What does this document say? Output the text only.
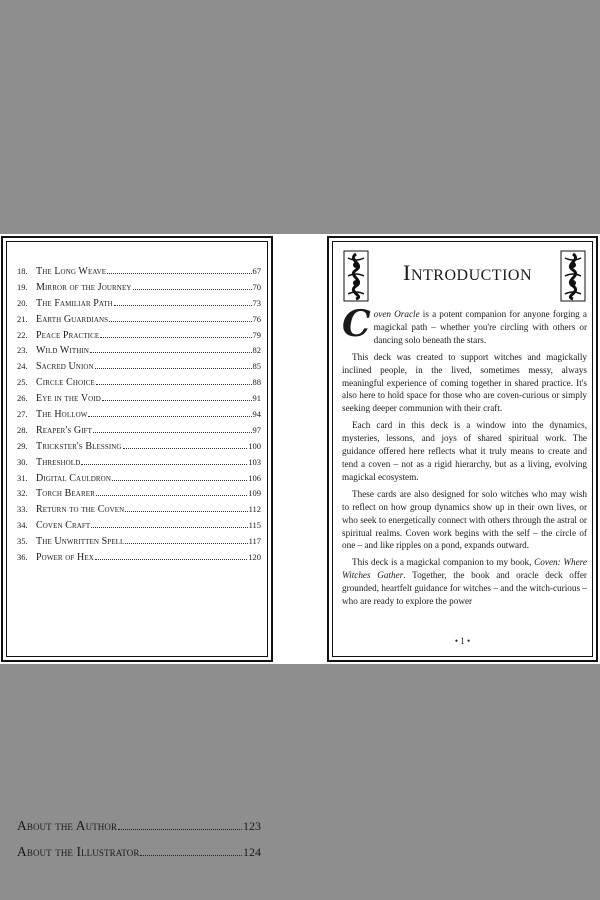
18. The Long Weave	67
19. Mirror of the Journey	70
20. The Familiar Path	73
21. Earth Guardians	76
22. Peace Practice	79
23. Wild Within	82
24. Sacred Union	85
25. Circle Choice	88
26. Eye in the Void	91
27. The Hollow	94
28. Reaper's Gift	97
29. Trickster's Blessing	100
30. Threshold	103
31. Digital Cauldron	106
32. Torch Bearer	109
33. Return to the Coven	112
34. Coven Craft	115
35. The Unwritten Spell	117
36. Power of Hex	120
About the Author	123
About the Illustrator	124
Introduction

Coven Oracle is a potent companion for anyone forging a magickal path – whether you're circling with others or dancing solo beneath the stars.

This deck was created to support witches and magickally inclined people, in the lived, sometimes messy, always meaningful experience of coming together in shared practice. It's also here to hold space for those who are coven-curious or simply seeking deeper communion with their craft.

Each card in this deck is a window into the dynamics, mysteries, lessons, and joys of shared spiritual work. The guidance offered here reflects what it truly means to create and tend a coven – not as a rigid hierarchy, but as a living, evolving magickal ecosystem.

These cards are also designed for solo witches who may wish to reflect on how group dynamics show up in their own lives, or who seek to energetically connect with others through the astral or spiritual realms. Coven work begins with the self – the circle of one – and like ripples on a pond, expands outward.

This deck is a magickal companion to my book, Coven: Where Witches Gather. Together, the book and oracle deck offer grounded, heartfelt guidance for witches – and the witch-curious – who are ready to explore the power

• 1 •
